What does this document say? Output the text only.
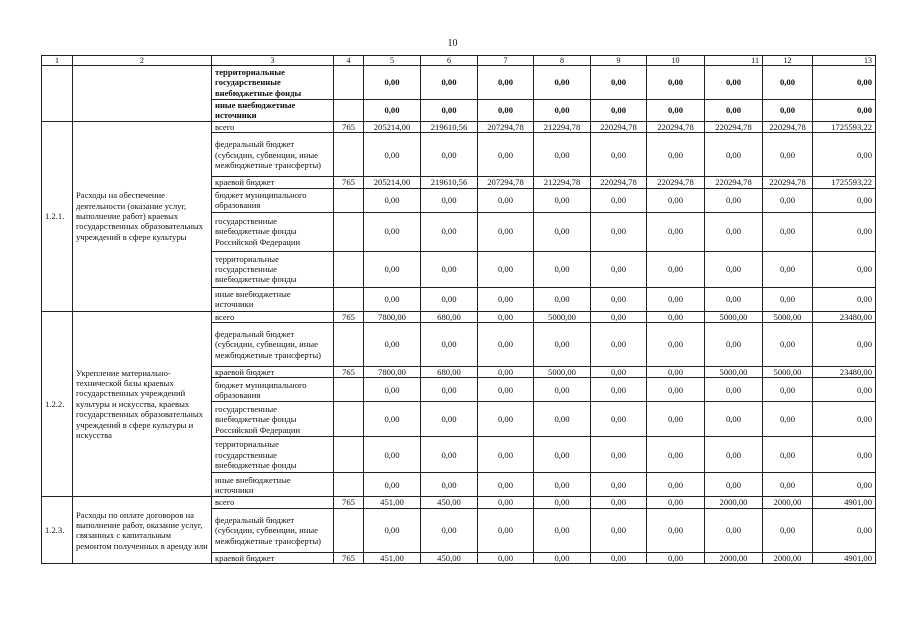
10
1	2	3	4	5	6	7	8	9	10	11	12	13
		территориальные государственные внебюджетные фонды		0,00	0,00	0,00	0,00	0,00	0,00	0,00	0,00	0,00
		иные внебюджетные источники		0,00	0,00	0,00	0,00	0,00	0,00	0,00	0,00	0,00
1.2.1.	Расходы на обеспечение деятельности (оказание услуг, выполнение работ) краевых государственных образовательных учреждений в сфере культуры	всего	765	205214,00	219610,56	207294,78	212294,78	220294,78	220294,78	220294,78	220294,78	1725593,22
		федеральный бюджет (субсидии, субвенции, иные межбюджетные трансферты)		0,00	0,00	0,00	0,00	0,00	0,00	0,00	0,00	0,00
		краевой бюджет	765	205214,00	219610,56	207294,78	212294,78	220294,78	220294,78	220294,78	220294,78	1725593,22
		бюджет муниципального образования		0,00	0,00	0,00	0,00	0,00	0,00	0,00	0,00	0,00
		государственные внебюджетные фонды Российской Федерации		0,00	0,00	0,00	0,00	0,00	0,00	0,00	0,00	0,00
		территориальные государственные внебюджетные фонды		0,00	0,00	0,00	0,00	0,00	0,00	0,00	0,00	0,00
		иные внебюджетные источники		0,00	0,00	0,00	0,00	0,00	0,00	0,00	0,00	0,00
1.2.2.	Укрепление материально-технической базы краевых государственных учреждений культуры и искусства, краевых государственных образовательных учреждений в сфере культуры и искусства	всего	765	7800,00	680,00	0,00	5000,00	0,00	0,00	5000,00	5000,00	23480,00
		федеральный бюджет (субсидии, субвенции, иные межбюджетные трансферты)		0,00	0,00	0,00	0,00	0,00	0,00	0,00	0,00	0,00
		краевой бюджет	765	7800,00	680,00	0,00	5000,00	0,00	0,00	5000,00	5000,00	23480,00
		бюджет муниципального образования		0,00	0,00	0,00	0,00	0,00	0,00	0,00	0,00	0,00
		государственные внебюджетные фонды Российской Федерации		0,00	0,00	0,00	0,00	0,00	0,00	0,00	0,00	0,00
		территориальные государственные внебюджетные фонды		0,00	0,00	0,00	0,00	0,00	0,00	0,00	0,00	0,00
		иные внебюджетные источники		0,00	0,00	0,00	0,00	0,00	0,00	0,00	0,00	0,00
1.2.3.	Расходы по оплате договоров на выполнение работ, оказание услуг, связанных с капитальным ремонтом полученных в аренду или	всего	765	451,00	450,00	0,00	0,00	0,00	0,00	2000,00	2000,00	4901,00
		федеральный бюджет (субсидии, субвенции, иные межбюджетные трансферты)		0,00	0,00	0,00	0,00	0,00	0,00	0,00	0,00	0,00
		краевой бюджет	765	451,00	450,00	0,00	0,00	0,00	0,00	2000,00	2000,00	4901,00
